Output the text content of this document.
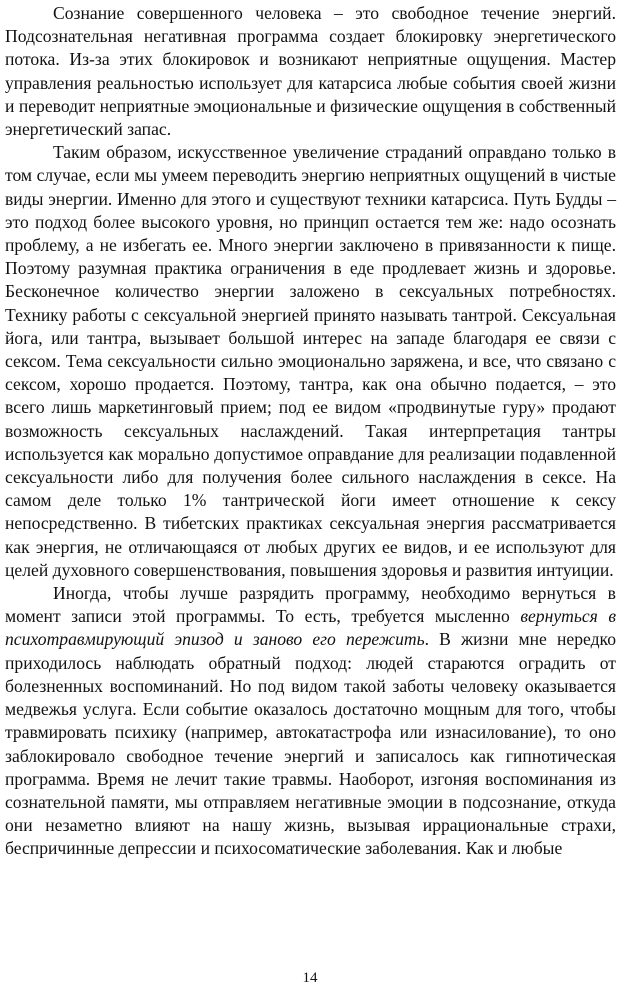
Сознание совершенного человека – это свободное течение энергий. Подсознательная негативная программа создает блокировку энергетического потока. Из-за этих блокировок и возникают неприятные ощущения. Мастер управления реальностью использует для катарсиса любые события своей жизни и переводит неприятные эмоциональные и физические ощущения в собственный энергетический запас.

Таким образом, искусственное увеличение страданий оправдано только в том случае, если мы умеем переводить энергию неприятных ощущений в чистые виды энергии. Именно для этого и существуют техники катарсиса. Путь Будды – это подход более высокого уровня, но принцип остается тем же: надо осознать проблему, а не избегать ее. Много энергии заключено в привязанности к пище. Поэтому разумная практика ограничения в еде продлевает жизнь и здоровье. Бесконечное количество энергии заложено в сексуальных потребностях. Технику работы с сексуальной энергией принято называть тантрой. Сексуальная йога, или тантра, вызывает большой интерес на западе благодаря ее связи с сексом. Тема сексуальности сильно эмоционально заряжена, и все, что связано с сексом, хорошо продается. Поэтому, тантра, как она обычно подается, – это всего лишь маркетинговый прием; под ее видом «продвинутые гуру» продают возможность сексуальных наслаждений. Такая интерпретация тантры используется как морально допустимое оправдание для реализации подавленной сексуальности либо для получения более сильного наслаждения в сексе. На самом деле только 1% тантрической йоги имеет отношение к сексу непосредственно. В тибетских практиках сексуальная энергия рассматривается как энергия, не отличающаяся от любых других ее видов, и ее используют для целей духовного совершенствования, повышения здоровья и развития интуиции.

Иногда, чтобы лучше разрядить программу, необходимо вернуться в момент записи этой программы. То есть, требуется мысленно вернуться в психотравмирующий эпизод и заново его пережить. В жизни мне нередко приходилось наблюдать обратный подход: людей стараются оградить от болезненных воспоминаний. Но под видом такой заботы человеку оказывается медвежья услуга. Если событие оказалось достаточно мощным для того, чтобы травмировать психику (например, автокатастрофа или изнасилование), то оно заблокировало свободное течение энергий и записалось как гипнотическая программа. Время не лечит такие травмы. Наоборот, изгоняя воспоминания из сознательной памяти, мы отправляем негативные эмоции в подсознание, откуда они незаметно влияют на нашу жизнь, вызывая иррациональные страхи, беспричинные депрессии и психосоматические заболевания. Как и любые

14
